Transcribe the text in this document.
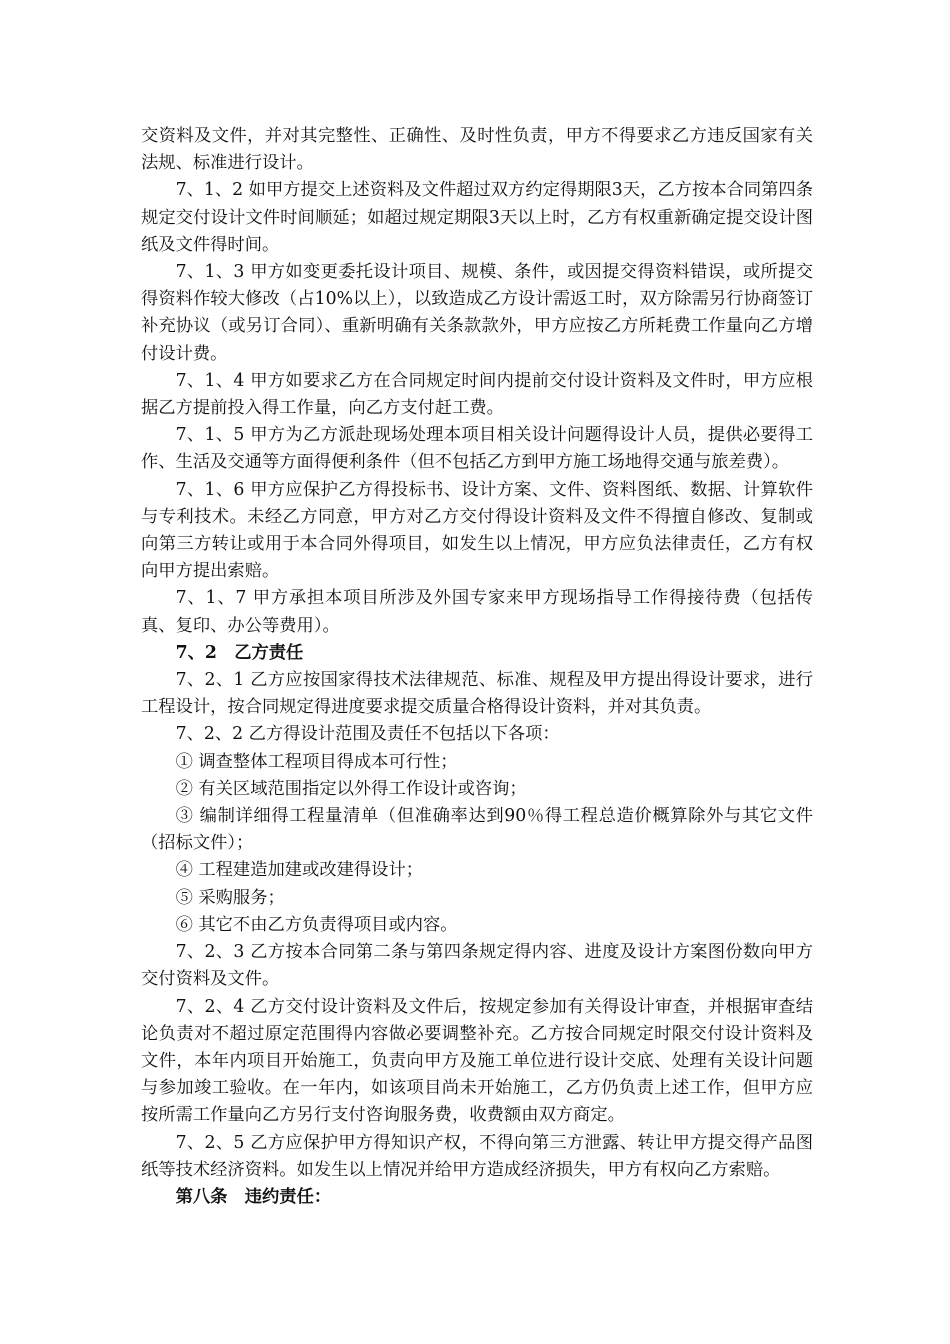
交资料及文件，并对其完整性、正确性、及时性负责，甲方不得要求乙方违反国家有关法规、标准进行设计。

7、1、2 如甲方提交上述资料及文件超过双方约定得期限3天，乙方按本合同第四条规定交付设计文件时间顺延；如超过规定期限3天以上时，乙方有权重新确定提交设计图纸及文件得时间。

7、1、3 甲方如变更委托设计项目、规模、条件，或因提交得资料错误，或所提交得资料作较大修改（占10%以上），以致造成乙方设计需返工时，双方除需另行协商签订补充协议（或另订合同）、重新明确有关条款款外，甲方应按乙方所耗费工作量向乙方增付设计费。

7、1、4 甲方如要求乙方在合同规定时间内提前交付设计资料及文件时，甲方应根据乙方提前投入得工作量，向乙方支付赶工费。

7、1、5 甲方为乙方派赴现场处理本项目相关设计问题得设计人员，提供必要得工作、生活及交通等方面得便利条件（但不包括乙方到甲方施工场地得交通与旅差费）。

7、1、6 甲方应保护乙方得投标书、设计方案、文件、资料图纸、数据、计算软件与专利技术。未经乙方同意，甲方对乙方交付得设计资料及文件不得擅自修改、复制或向第三方转让或用于本合同外得项目，如发生以上情况，甲方应负法律责任，乙方有权向甲方提出索赔。

7、1、7 甲方承担本项目所涉及外国专家来甲方现场指导工作得接待费（包括传真、复印、办公等费用）。

7、2　乙方责任

7、2、1 乙方应按国家得技术法律规范、标准、规程及甲方提出得设计要求，进行工程设计，按合同规定得进度要求提交质量合格得设计资料，并对其负责。

7、2、2 乙方得设计范围及责任不包括以下各项：

① 调查整体工程项目得成本可行性；

② 有关区域范围指定以外得工作设计或咨询；

③ 编制详细得工程量清单（但准确率达到90％得工程总造价概算除外与其它文件（招标文件）；

④ 工程建造加建或改建得设计；

⑤ 采购服务；

⑥ 其它不由乙方负责得项目或内容。

7、2、3 乙方按本合同第二条与第四条规定得内容、进度及设计方案图份数向甲方交付资料及文件。

7、2、4 乙方交付设计资料及文件后，按规定参加有关得设计审查，并根据审查结论负责对不超过原定范围得内容做必要调整补充。乙方按合同规定时限交付设计资料及文件，本年内项目开始施工，负责向甲方及施工单位进行设计交底、处理有关设计问题与参加竣工验收。在一年内，如该项目尚未开始施工，乙方仍负责上述工作，但甲方应按所需工作量向乙方另行支付咨询服务费，收费额由双方商定。

7、2、5 乙方应保护甲方得知识产权，不得向第三方泄露、转让甲方提交得产品图纸等技术经济资料。如发生以上情况并给甲方造成经济损失，甲方有权向乙方索赔。

第八条　违约责任：
